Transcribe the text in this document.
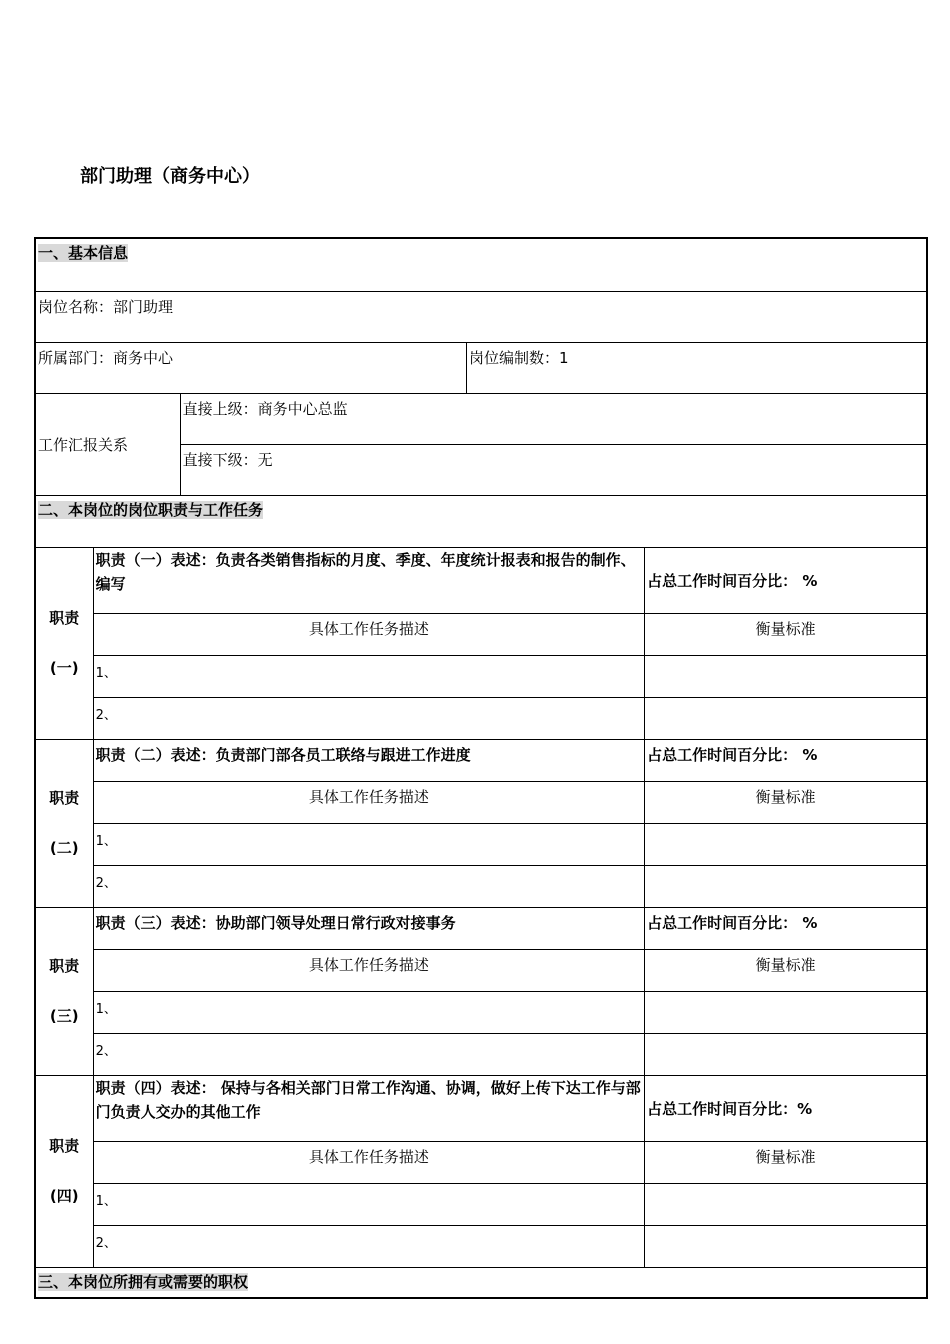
部门助理（商务中心）
一、基本信息				
岗位名称：部门助理				
所属部门：商务中心			岗位编制数：1	
工作汇报关系		直接上级：商务中心总监		
		直接下级：无		
二、本岗位的岗位职责与工作任务				
职责
(一)	职责（一）表述：负责各类销售指标的月度、季度、年度统计报表和报告的制作、编写			占总工作时间百分比： %
	具体工作任务描述			衡量标准
	1、			
	2、			
职责
(二)	职责（二）表述：负责部门部各员工联络与跟进工作进度			占总工作时间百分比： %
	具体工作任务描述			衡量标准
	1、			
	2、			
职责
(三)	职责（三）表述：协助部门领导处理日常行政对接事务			占总工作时间百分比： %
	具体工作任务描述			衡量标准
	1、			
	2、			
职责
(四)	职责（四）表述： 保持与各相关部门日常工作沟通、协调，做好上传下达工作与部门负责人交办的其他工作			占总工作时间百分比：%
	具体工作任务描述			衡量标准
	1、			
	2、			
三、本岗位所拥有或需要的职权				
